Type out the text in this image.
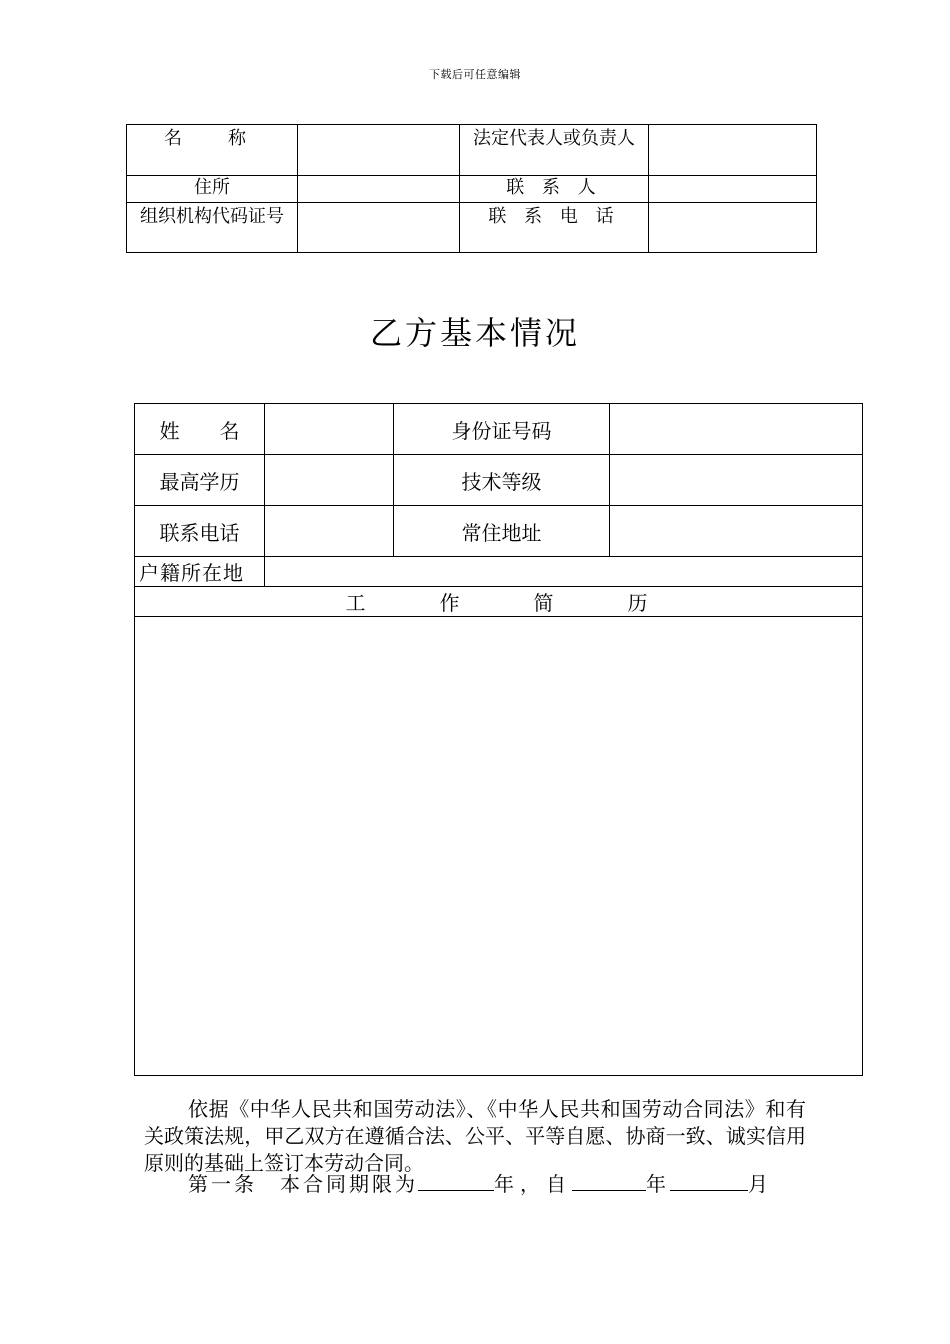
下载后可任意编辑
名　称		法定代表人或负责人	
住所		联 系 人	
组织机构代码证号		联 系 电 话	
乙方基本情况
姓　　名		身份证号码	
最高学历		技术等级	
联系电话		常住地址	
户籍所在地			
工作简历			

依据《中华人民共和国劳动法》、《中华人民共和国劳动合同法》和有关政策法规，甲乙双方在遵循合法、公平、平等自愿、协商一致、诚实信用原则的基础上签订本劳动合同。

第一条　本合同期限为	年，自	年	月
